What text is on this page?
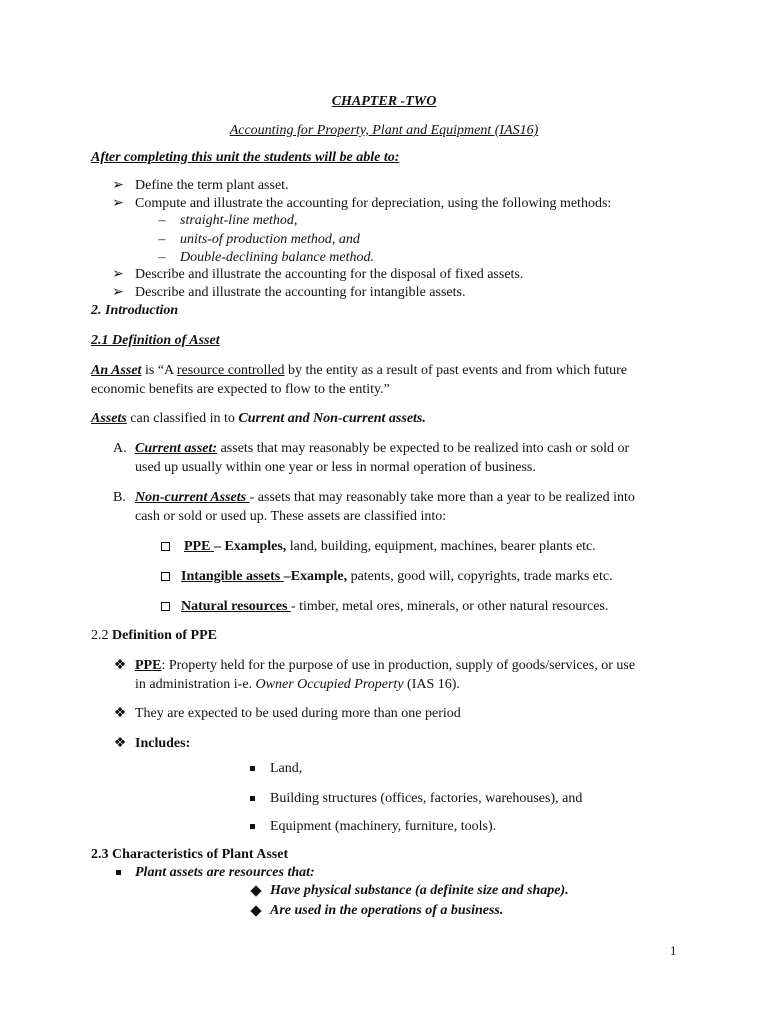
CHAPTER -TWO
Accounting for Property, Plant and Equipment (IAS16)
After completing this unit the students will be able to:
➢ Define the term plant asset.
➢ Compute and illustrate the accounting for depreciation, using the following methods:
–	straight-line method,
–	units-of production method, and
–	Double-declining balance method.
➢ Describe and illustrate the accounting for the disposal of fixed assets.
➢ Describe and illustrate the accounting for intangible assets.
2. Introduction
2.1 Definition of Asset
An Asset is “A resource controlled by the entity as a result of past events and from which future
economic benefits are expected to flow to the entity.”
Assets can classified in to Current and Non-current assets.
A. Current asset: assets that may reasonably be expected to be realized into cash or sold or
used up usually within one year or less in normal operation of business.
B. Non-current Assets - assets that may reasonably take more than a year to be realized into
cash or sold or used up. These assets are classified into:
PPE – Examples, land, building, equipment, machines, bearer plants etc.
Intangible assets –Example, patents, good will, copyrights, trade marks etc.
Natural resources - timber, metal ores, minerals, or other natural resources.
2.2 Definition of PPE
❖ PPE: Property held for the purpose of use in production, supply of goods/services, or use
in administration i-e. Owner Occupied Property (IAS 16).
❖ They are expected to be used during more than one period
❖ Includes:
Land,
Building structures (offices, factories, warehouses), and
Equipment (machinery, furniture, tools).
2.3 Characteristics of Plant Asset
Plant assets are resources that:
Have physical substance (a definite size and shape).
Are used in the operations of a business.
1
